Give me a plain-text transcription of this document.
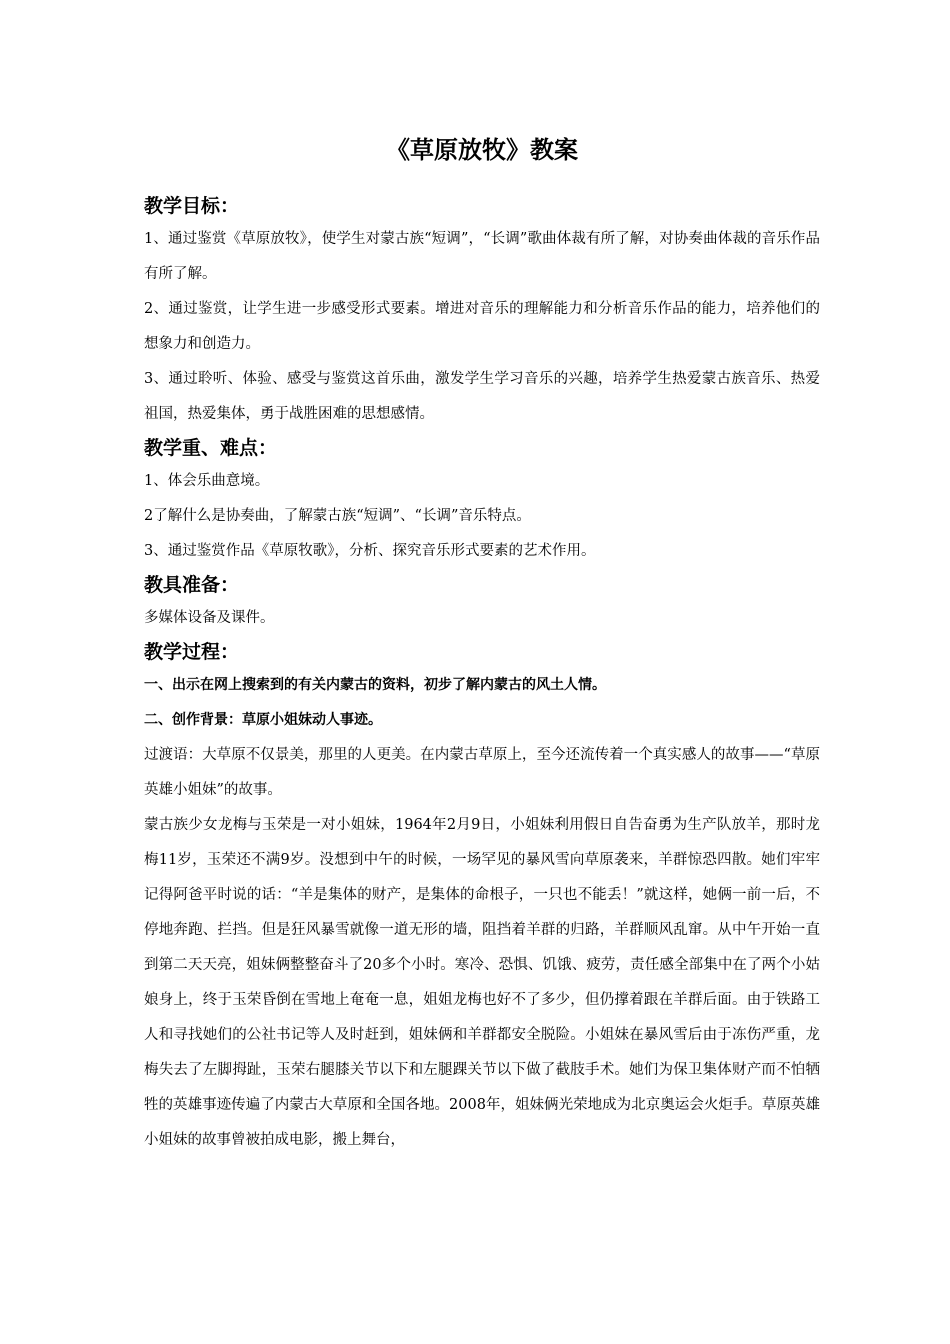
《草原放牧》教案
教学目标：

1、通过鉴赏《草原放牧》，使学生对蒙古族“短调”，“长调”歌曲体裁有所了解，对协奏曲体裁的音乐作品有所了解。

2、通过鉴赏，让学生进一步感受形式要素。增进对音乐的理解能力和分析音乐作品的能力，培养他们的想象力和创造力。

3、通过聆听、体验、感受与鉴赏这首乐曲，激发学生学习音乐的兴趣，培养学生热爱蒙古族音乐、热爱祖国，热爱集体，勇于战胜困难的思想感情。

教学重、难点：

1、体会乐曲意境。

2了解什么是协奏曲，了解蒙古族“短调”、“长调”音乐特点。

3、通过鉴赏作品《草原牧歌》，分析、探究音乐形式要素的艺术作用。

教具准备：

多媒体设备及课件。

教学过程：

一、出示在网上搜索到的有关内蒙古的资料，初步了解内蒙古的风土人情。

二、创作背景：草原小姐妹动人事迹。

过渡语：大草原不仅景美，那里的人更美。在内蒙古草原上，至今还流传着一个真实感人的故事——“草原英雄小姐妹”的故事。

蒙古族少女龙梅与玉荣是一对小姐妹，1964年2月9日，小姐妹利用假日自告奋勇为生产队放羊，那时龙梅11岁，玉荣还不满9岁。没想到中午的时候，一场罕见的暴风雪向草原袭来，羊群惊恐四散。她们牢牢记得阿爸平时说的话：“羊是集体的财产，是集体的命根子，一只也不能丢！”就这样，她俩一前一后，不停地奔跑、拦挡。但是狂风暴雪就像一道无形的墙，阻挡着羊群的归路，羊群顺风乱窜。从中午开始一直到第二天天亮，姐妹俩整整奋斗了20多个小时。寒冷、恐惧、饥饿、疲劳，责任感全部集中在了两个小姑娘身上，终于玉荣昏倒在雪地上奄奄一息，姐姐龙梅也好不了多少，但仍撑着跟在羊群后面。由于铁路工人和寻找她们的公社书记等人及时赶到，姐妹俩和羊群都安全脱险。小姐妹在暴风雪后由于冻伤严重，龙梅失去了左脚拇趾，玉荣右腿膝关节以下和左腿踝关节以下做了截肢手术。她们为保卫集体财产而不怕牺牲的英雄事迹传遍了内蒙古大草原和全国各地。2008年，姐妹俩光荣地成为北京奥运会火炬手。草原英雄小姐妹的故事曾被拍成电影，搬上舞台，
